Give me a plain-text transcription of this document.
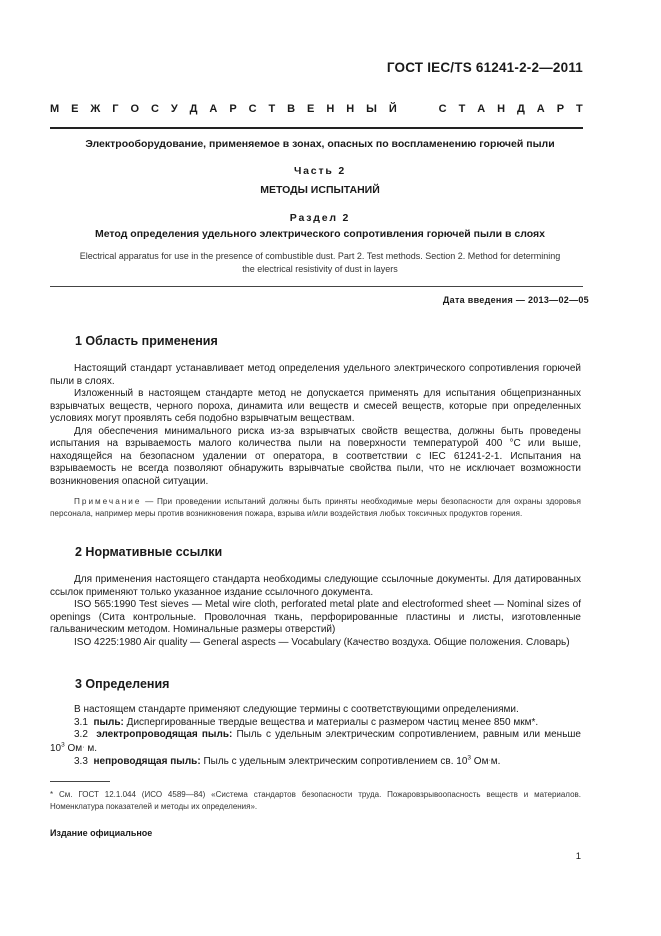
ГОСТ IEC/TS 61241-2-2—2011
М Е Ж Г О С У Д А Р С Т В Е Н Н Ы Й

	С Т А Н Д А Р Т
Электрооборудование, применяемое в зонах, опасных по воспламенению горючей пыли
Часть 2
МЕТОДЫ ИСПЫТАНИЙ
Раздел 2
Метод определения удельного электрического сопротивления горючей пыли в слоях
Electrical apparatus for use in the presence of combustible dust. Part 2. Test methods. Section 2. Method for determining
the electrical resistivity of dust in layers
Дата введения — 2013—02—05
1 Область применения

Настоящий стандарт устанавливает метод определения удельного электрического сопротивления горючей пыли в слоях.

Изложенный в настоящем стандарте метод не допускается применять для испытания общепризнанных взрывчатых веществ, черного пороха, динамита или веществ и смесей веществ, которые при определенных условиях могут проявлять себя подобно взрывчатым веществам.

Для обеспечения минимального риска из-за взрывчатых свойств вещества, должны быть проведены испытания на взрываемость малого количества пыли на поверхности температурой 400 °С или выше, находящейся на безопасном удалении от оператора, в соответствии с IEC 61241-2-1. Испытания на взрываемость не всегда позволяют обнаружить взрывчатые свойства пыли, что не исключает возможности возникновения опасной ситуации.

Примечание — При проведении испытаний должны быть приняты необходимые меры безопасности для охраны здоровья персонала, например меры против возникновения пожара, взрыва и/или воздействия любых токсичных продуктов горения.
2 Нормативные ссылки

Для применения настоящего стандарта необходимы следующие ссылочные документы. Для датированных ссылок применяют только указанное издание ссылочного документа.

ISO 565:1990 Test sieves — Metal wire cloth, perforated metal plate and electroformed sheet — Nominal sizes of openings (Сита контрольные. Проволочная ткань, перфорированные пластины и листы, изготовленные гальваническим методом. Номинальные размеры отверстий)

ISO 4225:1980 Air quality — General aspects — Vocabulary (Качество воздуха. Общие положения. Словарь)

3 Определения

В настоящем стандарте применяют следующие термины с соответствующими определениями.

3.1 пыль: Диспергированные твердые вещества и материалы с размером частиц менее 850 мкм*.

3.2 электропроводящая пыль: Пыль с удельным электрическим сопротивлением, равным или меньше $10^3$ Ом· м.

3.3 непроводящая пыль: Пыль с удельным электрическим сопротивлением св. $10^3$ Ом·м.

* См. ГОСТ 12.1.044 (ИСО 4589—84) «Система стандартов безопасности труда. Пожаровзрывоопасность веществ и материалов. Номенклатура показателей и методы их определения».
Издание официальное
1
